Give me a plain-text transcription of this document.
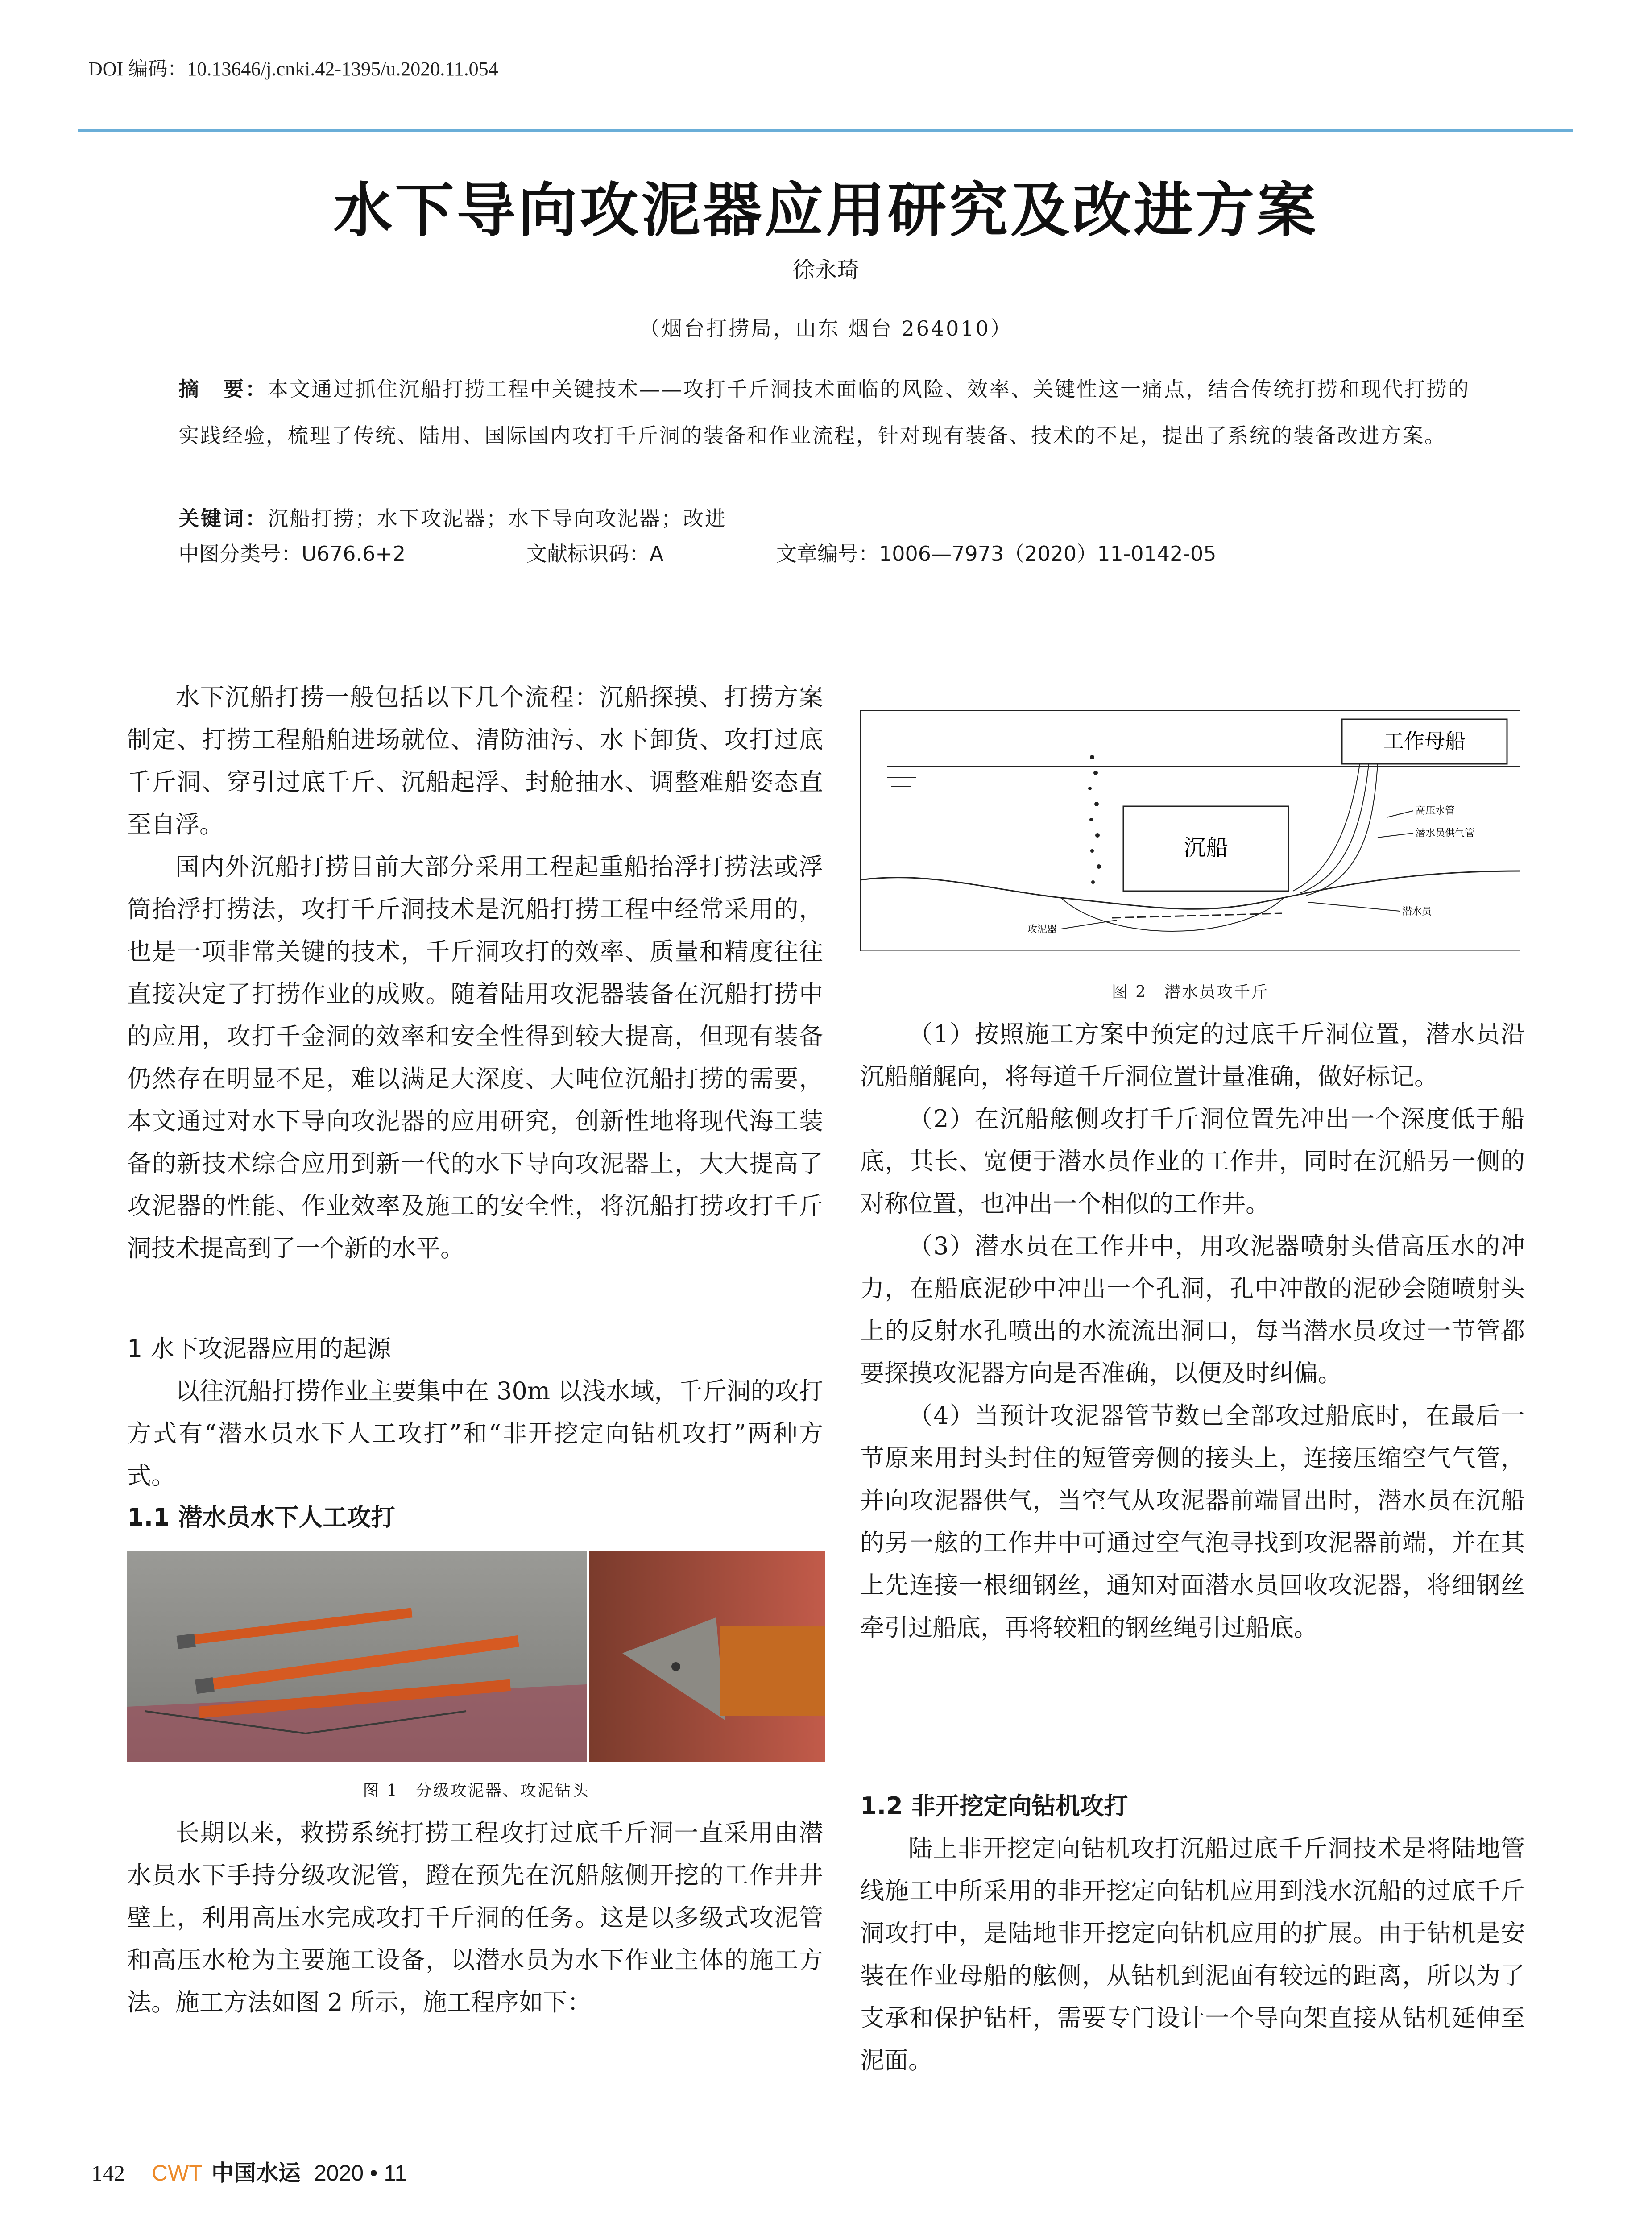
DOI 编码：10.13646/j.cnki.42-1395/u.2020.11.054
水下导向攻泥器应用研究及改进方案
徐永琦
（烟台打捞局，山东 烟台 264010）
摘　要：本文通过抓住沉船打捞工程中关键技术——攻打千斤洞技术面临的风险、效率、关键性这一痛点，结合传统打捞和现代打捞的实践经验，梳理了传统、陆用、国际国内攻打千斤洞的装备和作业流程，针对现有装备、技术的不足，提出了系统的装备改进方案。
关键词：沉船打捞；水下攻泥器；水下导向攻泥器；改进
中图分类号：U676.6+2	文献标识码：A	文章编号：1006—7973（2020）11-0142-05

水下沉船打捞一般包括以下几个流程：沉船探摸、打捞方案制定、打捞工程船舶进场就位、清防油污、水下卸货、攻打过底千斤洞、穿引过底千斤、沉船起浮、封舱抽水、调整难船姿态直至自浮。

国内外沉船打捞目前大部分采用工程起重船抬浮打捞法或浮筒抬浮打捞法，攻打千斤洞技术是沉船打捞工程中经常采用的，也是一项非常关键的技术，千斤洞攻打的效率、质量和精度往往直接决定了打捞作业的成败。随着陆用攻泥器装备在沉船打捞中的应用，攻打千金洞的效率和安全性得到较大提高，但现有装备仍然存在明显不足，难以满足大深度、大吨位沉船打捞的需要，本文通过对水下导向攻泥器的应用研究，创新性地将现代海工装备的新技术综合应用到新一代的水下导向攻泥器上，大大提高了攻泥器的性能、作业效率及施工的安全性，将沉船打捞攻打千斤洞技术提高到了一个新的水平。

1 水下攻泥器应用的起源

以往沉船打捞作业主要集中在 30m 以浅水域，千斤洞的攻打方式有“潜水员水下人工攻打”和“非开挖定向钻机攻打”两种方式。

1.1 潜水员水下人工攻打
图 1　分级攻泥器、攻泥钻头

长期以来，救捞系统打捞工程攻打过底千斤洞一直采用由潜水员水下手持分级攻泥管，蹬在预先在沉船舷侧开挖的工作井井壁上，利用高压水完成攻打千斤洞的任务。这是以多级式攻泥管和高压水枪为主要施工设备，以潜水员为水下作业主体的施工方法。施工方法如图 2 所示，施工程序如下：

工作母船
沉船
高压水管
潜水员供气管
潜水员
攻泥器
图 2　潜水员攻千斤

（1）按照施工方案中预定的过底千斤洞位置，潜水员沿沉船艏艉向，将每道千斤洞位置计量准确，做好标记。

（2）在沉船舷侧攻打千斤洞位置先冲出一个深度低于船底，其长、宽便于潜水员作业的工作井，同时在沉船另一侧的对称位置，也冲出一个相似的工作井。

（3）潜水员在工作井中，用攻泥器喷射头借高压水的冲力，在船底泥砂中冲出一个孔洞，孔中冲散的泥砂会随喷射头上的反射水孔喷出的水流流出洞口，每当潜水员攻过一节管都要探摸攻泥器方向是否准确，以便及时纠偏。

（4）当预计攻泥器管节数已全部攻过船底时，在最后一节原来用封头封住的短管旁侧的接头上，连接压缩空气气管，并向攻泥器供气，当空气从攻泥器前端冒出时，潜水员在沉船的另一舷的工作井中可通过空气泡寻找到攻泥器前端，并在其上先连接一根细钢丝，通知对面潜水员回收攻泥器，将细钢丝牵引过船底，再将较粗的钢丝绳引过船底。

1.2 非开挖定向钻机攻打

陆上非开挖定向钻机攻打沉船过底千斤洞技术是将陆地管线施工中所采用的非开挖定向钻机应用到浅水沉船的过底千斤洞攻打中，是陆地非开挖定向钻机应用的扩展。由于钻机是安装在作业母船的舷侧，从钻机到泥面有较远的距离，所以为了支承和保护钻杆，需要专门设计一个导向架直接从钻机延伸至泥面。

142 CWT 中国水运 2020 • 11
